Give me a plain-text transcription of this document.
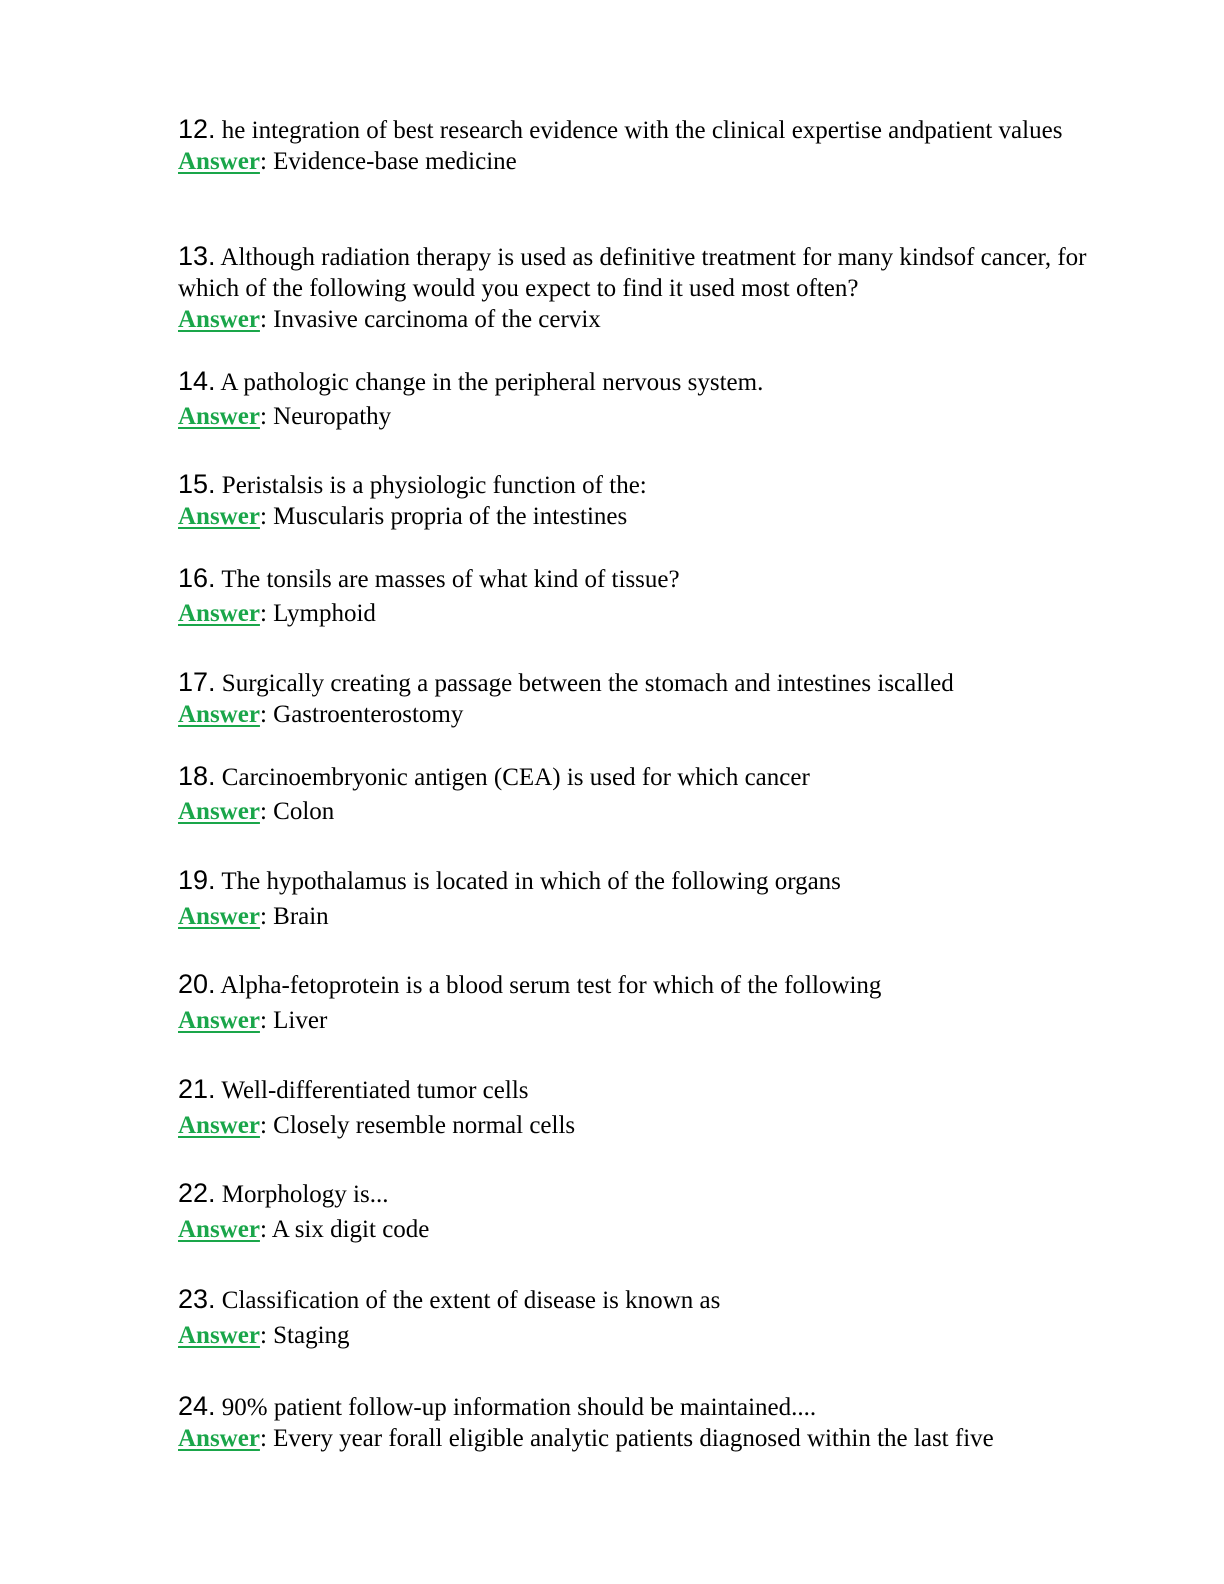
12. he integration of best research evidence with the clinical expertise andpatient values

Answer: Evidence-base medicine

13. Although radiation therapy is used as definitive treatment for many kindsof cancer, for which of the following would you expect to find it used most often?

Answer: Invasive carcinoma of the cervix

14. A pathologic change in the peripheral nervous system.

Answer: Neuropathy

15. Peristalsis is a physiologic function of the:

Answer: Muscularis propria of the intestines

16. The tonsils are masses of what kind of tissue?

Answer: Lymphoid

17. Surgically creating a passage between the stomach and intestines iscalled

Answer: Gastroenterostomy

18. Carcinoembryonic antigen (CEA) is used for which cancer

Answer: Colon

19. The hypothalamus is located in which of the following organs

Answer: Brain

20. Alpha-fetoprotein is a blood serum test for which of the following

Answer: Liver

21. Well-differentiated tumor cells

Answer: Closely resemble normal cells

22. Morphology is...

Answer: A six digit code

23. Classification of the extent of disease is known as

Answer: Staging

24. 90% patient follow-up information should be maintained....

Answer: Every year forall eligible analytic patients diagnosed within the last five
